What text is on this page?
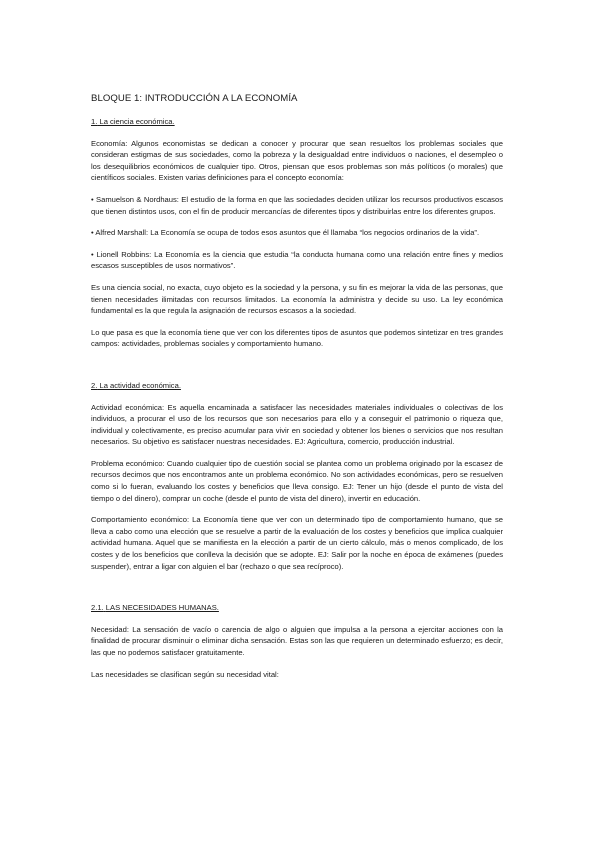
BLOQUE 1: INTRODUCCIÓN A LA ECONOMÍA
1. La ciencia económica.
Economía: Algunos economistas se dedican a conocer y procurar que sean resueltos los problemas sociales que consideran estigmas de sus sociedades, como la pobreza y la desigualdad entre individuos o naciones, el desempleo o los desequilibrios económicos de cualquier tipo. Otros, piensan que esos problemas son más políticos (o morales) que científicos sociales. Existen varias definiciones para el concepto economía:
• Samuelson & Nordhaus: El estudio de la forma en que las sociedades deciden utilizar los recursos productivos escasos que tienen distintos usos, con el fin de producir mercancías de diferentes tipos y distribuirlas entre los diferentes grupos.
• Alfred Marshall: La Economía se ocupa de todos esos asuntos que él llamaba “los negocios ordinarios de la vida”.
• Lionell Robbins: La Economía es la ciencia que estudia “la conducta humana como una relación entre fines y medios escasos susceptibles de usos normativos”.
Es una ciencia social, no exacta, cuyo objeto es la sociedad y la persona, y su fin es mejorar la vida de las personas, que tienen necesidades ilimitadas con recursos limitados. La economía la administra y decide su uso. La ley económica fundamental es la que regula la asignación de recursos escasos a la sociedad.
Lo que pasa es que la economía tiene que ver con los diferentes tipos de asuntos que podemos sintetizar en tres grandes campos: actividades, problemas sociales y comportamiento humano.
2. La actividad económica.
Actividad económica: Es aquella encaminada a satisfacer las necesidades materiales individuales o colectivas de los individuos, a procurar el uso de los recursos que son necesarios para ello y a conseguir el patrimonio o riqueza que, individual y colectivamente, es preciso acumular para vivir en sociedad y obtener los bienes o servicios que nos resultan necesarios. Su objetivo es satisfacer nuestras necesidades. EJ: Agricultura, comercio, producción industrial.
Problema económico: Cuando cualquier tipo de cuestión social se plantea como un problema originado por la escasez de recursos decimos que nos encontramos ante un problema económico. No son actividades económicas, pero se resuelven como si lo fueran, evaluando los costes y beneficios que lleva consigo. EJ: Tener un hijo (desde el punto de vista del tiempo o del dinero), comprar un coche (desde el punto de vista del dinero), invertir en educación.
Comportamiento económico: La Economía tiene que ver con un determinado tipo de comportamiento humano, que se lleva a cabo como una elección que se resuelve a partir de la evaluación de los costes y beneficios que implica cualquier actividad humana. Aquel que se manifiesta en la elección a partir de un cierto cálculo, más o menos complicado, de los costes y de los beneficios que conlleva la decisión que se adopte. EJ: Salir por la noche en época de exámenes (puedes suspender), entrar a ligar con alguien el bar (rechazo o que sea recíproco).
2.1. LAS NECESIDADES HUMANAS.
Necesidad: La sensación de vacío o carencia de algo o alguien que impulsa a la persona a ejercitar acciones con la finalidad de procurar disminuir o eliminar dicha sensación. Estas son las que requieren un determinado esfuerzo; es decir, las que no podemos satisfacer gratuitamente.
Las necesidades se clasifican según su necesidad vital:
